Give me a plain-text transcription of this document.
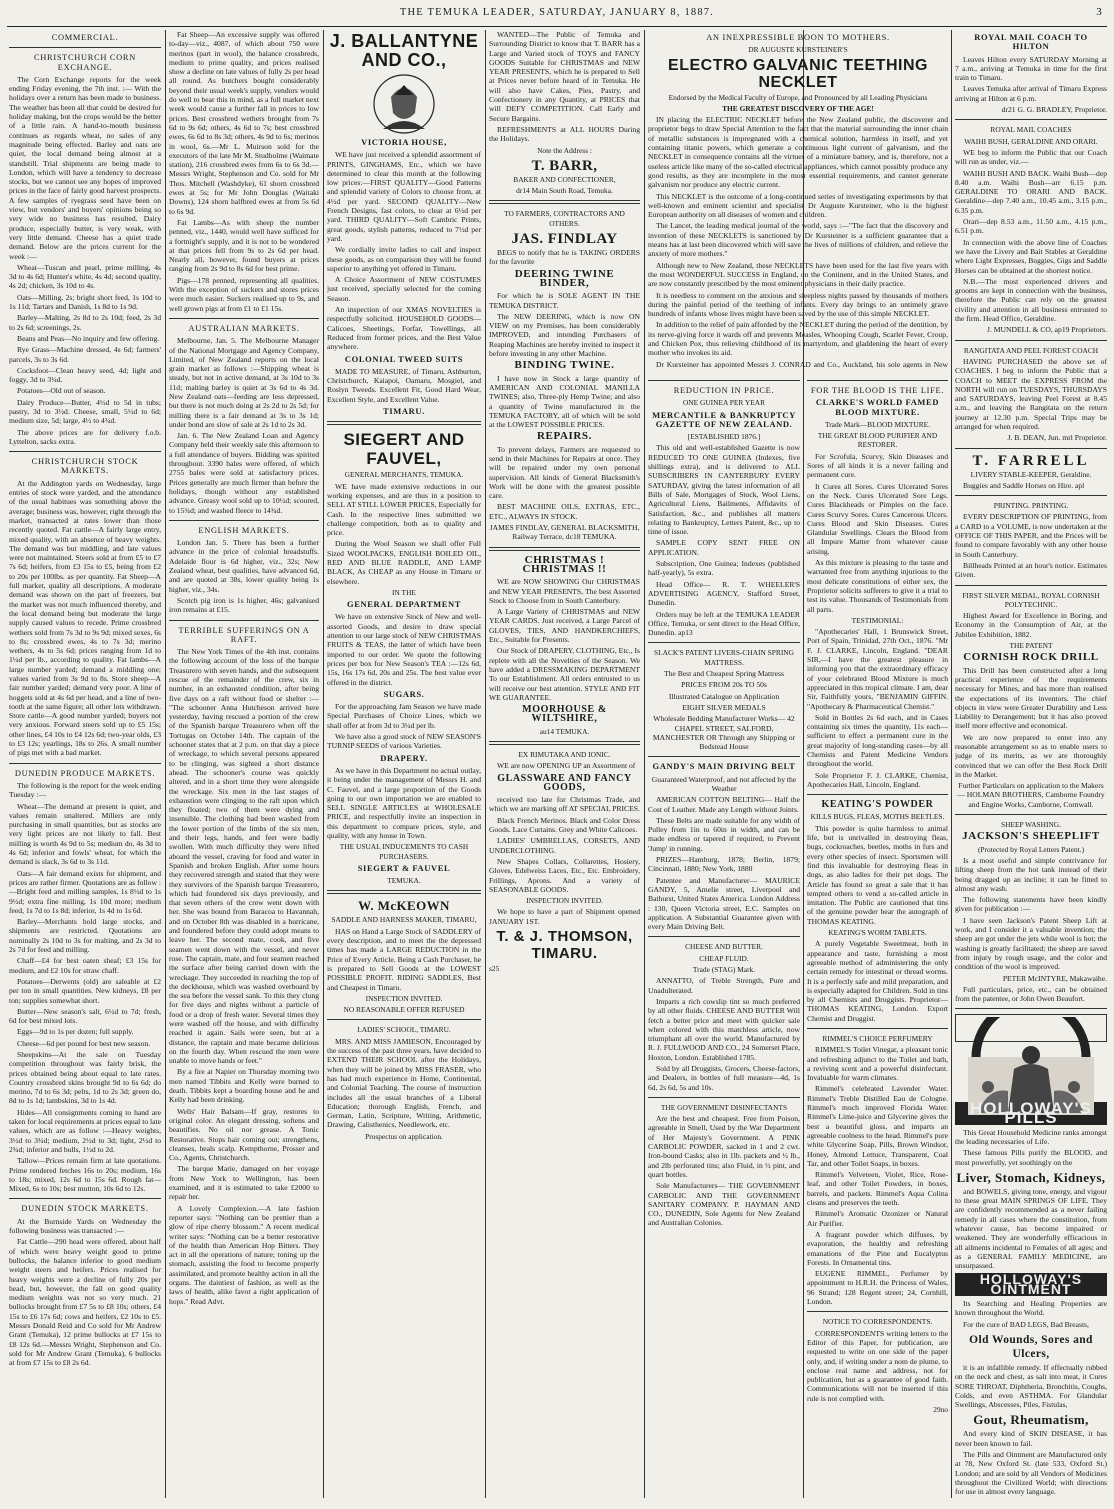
THE TEMUKA LEADER, SATURDAY, JANUARY 8, 1887.	3
COMMERCIAL.
CHRISTCHURCH CORN EXCHANGE.

The Corn Exchange reports for the week ending Friday evening, the 7th inst. :— With the holidays over a return has been made to business. The weather has been all that could be desired for holiday making, but the crops would be the better of a little rain. A hand-to-mouth business continues as regards wheat, no sales of any magnitude being effected. Barley and oats are quiet, the local demand being almost at a standstill. Trial shipments are being made to London, which will have a tendency to decrease stocks, but we cannot see any hopes of improved prices in the face of fairly good harvest prospects. A few samples of ryegrass seed have been on view, but vendors' and buyers' opinions being so very wide no business has resulted. Dairy produce, especially butter, is very weak, with very little demand. Cheese has a quiet trade demand. Below are the prices current for the week :—

Wheat—Tuscan and pearl, prime milling, 4s 3d to 4s 6d; Hunter's white, 4s 4d; second quality, 4s 2d; chicken, 3s 10d to 4s.

Oats—Milling, 2s; bright short feed, 1s 10d to 1s 11d; Tartars and Danish, 1s 8d to 1s 9d.

Barley—Malting, 2s 8d to 2s 10d; feed, 2s 3d to 2s 6d; screenings, 2s.

Beans and Peas—No inquiry and few offering.

Rye Grass—Machine dressed, 4s 6d; farmers' parcels, 3s to 3s 6d.

Cocksfoot—Clean heavy seed, 4d; light and foggy, 3d to 3¼d.

Potatoes—Old out of season.

Dairy Produce—Butter, 4½d to 5d in tubs; pastry, 3d to 3½d. Cheese, small, 5½d to 6d; medium size, 5d; large, 4½ to 4¾d.

The above prices are for delivery f.o.b. Lyttelton, sacks extra.

CHRISTCHURCH STOCK MARKETS.

At the Addington yards on Wednesday, large entries of stock were yarded, and the attendance of the usual habitues was something above the average; business was, however, right through the market, transacted at rates lower than those recently quoted. Fat cattle—A fairly large entry, mixed quality, with an absence of heavy weights. The demand was but middling, and late values were not maintained. Steers sold at from £5 to £7 7s 6d; heifers, from £3 15s to £5, being from £2 to 20s per 100lbs. as per quantity. Fat Sheep—A full market, quality all descriptions. A moderate demand was shown on the part of freezers, but the market was not much influenced thereby, and the local demand being but moderate the large supply caused values to recede. Prime crossbred wethers sold from 7s 3d to 9s 9d; mixed sexes, 6s to 8s; crossbred ewes, 4s to 7s 3d; merino wethers, 4s to 5s 6d; prices ranging from 1d to 1¼d per lb., according to quality. Fat lambs—A large number yarded; demand a middling one; values varied from 3s 9d to 8s. Store sheep—A fair number yarded; demand very poor. A line of hoggets sold at 4s 6d per head, and a line of two-tooth at the same figure; all other lots withdrawn. Store cattle—A good number yarded; buyers not very anxious. Forward steers sold up to £5 15s; other lines, £4 10s to £4 12s 6d; two-year olds, £3 to £3 12s; yearlings, 18s to 26s. A small number of pigs met with a bad market.

DUNEDIN PRODUCE MARKETS.

The following is the report for the week ending Tuesday :—

Wheat—The demand at present is quiet, and values remain unaltered. Millers are only purchasing in small quantities, but as stocks are very light prices are not likely to fall. Best milling is worth 4s 9d to 5s; medium do, 4s 3d to 4s 6d; inferior and fowls' wheat, for which the demand is slack, 3s 6d to 3s 11d.

Oats—A fair demand exists for shipment, and prices are rather firmer. Quotations are as follow :—Bright feed and milling samples, 1s 8½d to 1s 9½d; extra fine milling, 1s 10d more; medium feed, 1s 7d to 1s 8d; inferior, 1s 4d to 1s 6d.

Barley—Merchants hold large stocks, and shipments are restricted. Quotations are nominally 2s 10d to 3s for malting, and 2s 3d to 2s 7d for feed and milling.

Chaff—£4 for best oaten sheaf; £3 15s for medium, and £2 10s for straw chaff.

Potatoes—Derwents (old) are saleable at £2 per ton in small quantities. New kidneys, £8 per ton; supplies somewhat short.

Butter—New season's salt, 6½d to 7d; fresh, 6d for best mixed lots.

Eggs—9d to 1s per dozen; full supply.

Cheese—6d per pound for best new season.

Sheepskins—At the sale on Tuesday competition throughout was fairly brisk, the prices obtained being about equal to late rates. Country crossbred skins brought 9d to 6s 6d; do merino, 7d to 6s 3d; pelts, 1d to 2s 3d; green do, 8d to 1s 1d; lambskins, 3d to 1s 4d.

Hides—All consignments coming to hand are taken for local requirements at prices equal to late values, which are as follow :—Heavy weights, 3½d to 3¾d; medium, 2½d to 3d; light, 2½d to 2¾d; inferior and bulls, 1½d to 2d.

Tallow—Prices remain firm at late quotations. Prime rendered fetches 16s to 20s; medium, 16s to 18s; mixed, 12s 6d to 15s 6d. Rough fat—Mixed, 6s to 10s; best mutton, 10s 6d to 12s.

DUNEDIN STOCK MARKETS.

At the Burnside Yards on Wednesday the following business was transacted :—

Fat Cattle—290 head were offered, about half of which were heavy weight good to prime bullocks, the balance inferior to good medium weight steers and heifers. Prices realised for heavy weights were a decline of fully 20s per head, but, however, the fall on good quality medium weights was not so very much. 21 bullocks brought from £7 5s to £8 10s; others, £4 15s to £6 17s 6d; cows and heifers, £2 10s to £5. Messrs Donald Reid and Co sold for Mr Andrew Grant (Temuka), 12 prime bullocks at £7 15s to £8 12s 6d.—Messrs Wright, Stephenson and Co. sold for Mr Andrew Grant (Temuka), 6 bullocks at from £7 15s to £8 2s 6d.

Fat Sheep—An excessive supply was offered to-day—viz., 4087, of which about 750 were merinos (part in wool), the balance crossbreds, medium to prime quality, and prices realised show a decline on late values of fully 2s per head all round. As butchers bought considerably beyond their usual week's supply, vendors would do well to bear this in mind, as a full market next week would cause a further fall in prices to low prices. Best crossbred wethers brought from 7s 6d to 9s 6d; others, 4s 6d to 7s; best crossbred ewes, 6s 6d to 8s 3d; others, 4s 9d to 6s; merinos in wool, 6s.—Mr L. Muirson sold for the executors of the late Mr M. Studholme (Waimate station), 216 crossbred ewes from 6s to 6s 3d.—Messrs Wright, Stephenson and Co. sold for Mr Thos. Mitchell (Washdyke), 61 shorn crossbred ewes at 5s; for Mr John Douglas (Waitaki Downs), 124 shorn halfbred ewes at from 5s 6d to 6s 9d.

Fat Lambs—As with sheep the number penned, viz., 1440, would well have sufficed for a fortnight's supply, and it is not to be wondered at that prices fell from 9s to 2s 6d per head. Nearly all, however, found buyers at prices ranging from 2s 9d to 8s 6d for best prime.

Pigs—178 penned, representing all qualities. With the exception of suckers and stores prices were much easier. Suckers realised up to 9s, and well grown pigs at from £1 to £1 15s.

AUSTRALIAN MARKETS.

Melbourne, Jan. 5. The Melbourne Manager of the National Mortgage and Agency Company, Limited, of New Zealand reports on the local grain market as follows :—Shipping wheat is steady, but not in active demand, at 3s 10d to 3s 11d; malting barley is quiet at 3s 6d to 4s 3d. New Zealand oats—feeding are less depressed, but there is not much doing at 2s 2d to 2s 5d; for milling there is a fair demand at 3s to 3s 1d; under bond are slow of sale at 2s 1d to 2s 3d.

Jan. 6. The New Zealand Loan and Agency Company held their weekly sale this afternoon to a full attendance of buyers. Bidding was spirited throughout. 3390 bales were offered, of which 2755 bales were sold at satisfactory prices. Prices generally are much firmer than before the holidays, though without any established advance. Greasy wool sold up to 10½d; scoured, to 15¾d; and washed fleece to 14¾d.

ENGLISH MARKETS.

London Jan. 5. There has been a further advance in the price of colonial breadstuffs. Adelaide flour is 6d higher, viz., 32s; New Zealand wheat, best qualities, have advanced 6d, and are quoted at 38s, lower quality being 1s higher, viz., 34s.

Scotch pig iron is 1s higher, 46s; galvanised iron remains at £15.

TERRIBLE SUFFERINGS ON A RAFT.

The New York Times of the 4th inst. contains the following account of the loss of the barque Treasurero with seven hands, and the subsequent rescue of the remainder of the crew, six in number, in an exhausted condition, after being five days on a raft without food or shelter :— "The schooner Anna Hutcheson arrived here yesterday, having rescued a portion of the crew of the Spanish barque Treasurero when off the Tortugas on October 14th. The captain of the schooner states that at 2 p.m. on that day a piece of wreckage, to which several persons appeared to be clinging, was sighted a short distance ahead. The schooner's course was quickly altered, and in a short time they were alongside the wreckage. Six men in the last stages of exhaustion were clinging to the raft upon which they floated; two of them were dying and insensible. The clothing had been washed from the lower portion of the limbs of the six men, and their legs, hands, and feet were badly swollen. With much difficulty they were lifted aboard the vessel, craving for food and water in Spanish and broken English. After some hours they recovered strength and stated that they were they survivors of the Spanish barque Treasurero, which had foundered six days previously, and that seven others of the crew went down with her. She was bound from Baracoa to Havannah, and on October 8th was disabled in a hurricane, and foundered before they could adopt means to leave her. The second mate, cook, and five seamen went down with the vessel, and never rose. The captain, mate, and four seamen reached the surface after being carried down with the wreckage. They succeeded in reaching the top of the deckhouse, which was washed overboard by the sea before the vessel sank. To this they clung for five days and nights without a particle of food or a drop of fresh water. Several times they were washed off the house, and with difficulty reached it again. Sails were seen, but at a distance, the captain and mate became delirious on the fourth day. When rescued the men were unable to move hands or feet."

By a fire at Napier on Thursday morning two men named Tibbits and Kelly were burned to death. Tibbits kept a boarding house and he and Kelly had been drinking.

Wells' Hair Balsam—If gray, restores to original color. An elegant dressing, softens and beautifies. No oil nor grease. A Tonic Restorative. Stops hair coming out; strengthens, cleanses, heals scalp. Kempthorne, Prosser and Co., Agents, Christchurch.

The barque Marie, damaged on her voyage from New York to Wellington, has been examined, and it is estimated to take £2000 to repair her.

A Lovely Complexion.—A late fashion reporter says: "Nothing can be prettier than a glow of ripe cherry blossom." A recent medical writer says: "Nothing can be a better restorative of the health than American Hop Bitters. They act in all the operations of nature; toning up the stomach, assisting the food to become properly assimilated, and promote healthy action in all the organs. The daintiest of fashion, as well as the laws of health, alike favor a right application of hops." Read Advt.

J. BALLANTYNE AND CO.,
VICTORIA HOUSE,

WE have just received a splendid assortment of PRINTS, GINGHAMS, Etc., which we have determined to clear this month at the following low prices:—FIRST QUALITY—Good Patterns and splendid variety of Colors to choose from, at 4½d per yard. SECOND QUALITY—New French Designs, fast colors, to clear at 6½d per yard. THIRD QUALITY—Soft Cambric Prints, great goods, stylish patterns, reduced to 7½d per yard.

We cordially invite ladies to call and inspect these goods, as on comparison they will be found superior to anything yet offered in Timaru.

A Choice Assortment of NEW COSTUMES just received, specially selected for the coming Season.

An inspection of our XMAS NOVELTIES is respectfully solicited. HOUSEHOLD GOODS—Calicoes, Sheetings, Forfar, Towellings, all Reduced from former prices, and the Best Value anywhere.

COLONIAL TWEED SUITS

MADE TO MEASURE, of Timaru, Ashburton, Christchurch, Kaiapoi, Oamaru, Mosgiel, and Roslyn Tweeds. Excellent Fit, Good Hard Wear, Excellent Style, and Excellent Value.

TIMARU.
SIEGERT AND FAUVEL,
GENERAL MERCHANTS, TEMUKA.

WE have made extensive reductions in our working expenses, and are thus in a position to SELL AT STILL LOWER PRICES, Especially for Cash. In the respective lines submitted we challenge competition, both as to quality and price.

During the Wool Season we shall offer Full Sized WOOLPACKS, ENGLISH BOILED OIL, RED AND BLUE RADDLE, AND LAMP BLACK, As CHEAP as any House in Timaru or elsewhere.

IN THE
GENERAL DEPARTMENT

We have on extensive Stock of New and well-assorted Goods, and desire to draw special attention to our large stock of NEW CHRISTMAS FRUITS & TEAS, the latter of which have been imported to our order. We quote the following prices per box for New Season's TEA :—12s 6d, 15s, 16s 17s 6d, 20s and 25s. The best value ever offered in the district.

SUGARS.

For the approaching Jam Season we have made Special Purchases of Choice Lines, which we shall offer at from 3d to 3¼d per lb.

We have also a good stock of NEW SEASON'S TURNIP SEEDS of various Varieties.

DRAPERY.

As we have in this Department no actual outlay, it being under the management of Messrs H. and C. Fauvel, and a large proportion of the Goods going to our own importation we are enabled to SELL SINGLE ARTICLES at WHOLESALE PRICE, and respectfully invite an inspection in this department to compare prices, style, and quality, with any house in Town.

THE USUAL INDUCEMENTS TO CASH PURCHASERS.
SIEGERT & FAUVEL
TEMUKA.
W. McKEOWN
SADDLE AND HARNESS MAKER, TIMARU,

HAS on Hand a Large Stock of SADDLERY of every description, and to meet the the depressed times has made a LARGE REDUCTION in the Price of Every Article. Being a Cash Purchaser, he is prepared to Sell Goods at the LOWEST POSSIBLE PROFIT. RIDING SADDLES, Best and Cheapest in Timaru.

INSPECTION INVITED.
NO REASONABLE OFFER REFUSED
LADIES' SCHOOL, TIMARU.

MRS. AND MISS JAMIESON, Encouraged by the success of the past three years, have decided to EXTEND THEIR SCHOOL after the Holidays, when they will be joined by MISS FRASER, who has had much experience in Home, Continental, and Colonial Teaching. The course of instruction includes all the usual branches of a Liberal Education; thorough English, French, and German, Latin, Scripture, Writing, Arithmetic, Drawing, Calisthenics, Needlework, etc.

Prospectus on application.

WANTED—The Public of Temuka and Surrounding District to know that T. BARR has a Large and Varied stock of TOYS and FANCY GOODS Suitable for CHRISTMAS and NEW YEAR PRESENTS, which he is prepared to Sell at Prices never before heard of in Temuka. He will also have Cakes, Pies, Pastry, and Confectionery in any Quantity, at PRICES that will DEFY COMPETITION. Call Early and Secure Bargains.

REFRESHMENTS at ALL HOURS During the Holidays.

Note the Address :
T. BARR,
BAKER AND CONFECTIONER,
dr14 Main South Road, Temuka.
TO FARMERS, CONTRACTORS AND OTHERS.
JAS. FINDLAY

BEGS to notify that he is TAKING ORDERS for the favorite

DEERING TWINE BINDER,

For which he is SOLE AGENT IN THE TEMUKA DISTRICT.

The NEW DEERING, which is now ON VIEW on my Premises, has been considerably IMPROVED, and intending Purchasers of Reaping Machines are hereby invited to inspect it before investing in any other Machine.

BINDING TWINE.

I have now in Stock a large quantity of AMERICAN AND COLONIAL MANILLA TWINES; also, Three-ply Hemp Twine; and also a quantity of Twine manufactured in the TEMUKA FACTORY, all of which will be sold at the LOWEST POSSIBLE PRICES.

REPAIRS.

To prevent delays, Farmers are requested to send in their Machines for Repairs at once. They will be repaired under my own personal supervision. All kinds of General Blacksmith's Work will be done with the greatest possible care.

BEST MACHINE OILS, EXTRAS, ETC., ETC., ALWAYS IN STOCK.

JAMES FINDLAY, GENERAL BLACKSMITH, Railway Terrace, dc18 TEMUKA.

CHRISTMAS ! CHRISTMAS !!

WE are NOW SHOWING Our CHRISTMAS and NEW YEAR PRESENTS, The best Assorted Stock to Choose from in South Canterbury.

A Large Variety of CHRISTMAS and NEW YEAR CARDS. Just received, a Large Parcel of GLOVES, TIES, AND HANDKERCHIEFS, Etc., Suitable for Presents.

Our Stock of DRAPERY, CLOTHING, Etc., Is replete with all the Novelties of the Season. We have added a DRESSMAKING DEPARTMENT To our Establishment. All orders entrusted to us will receive our best attention. STYLE AND FIT WE GUARANTEE.

MOORHOUSE & WILTSHIRE,
au14 TEMUKA.
EX RIMUTAKA AND IONIC.

WE are now OPENING UP an Assortment of

GLASSWARE AND FANCY GOODS,

received too late for Christmas Trade, and which we are marking off AT SPECIAL PRICES.

Black French Merinos. Black and Color Dress Goods. Lace Curtains. Grey and White Calicoes.

LADIES' UMBRELLAS, CORSETS, AND UNDERCLOTHING.

New Shapes Collars, Collarettes, Hosiery, Gloves, Edelweiss Laces, Etc., Etc. Embroidery, Frillings, Aprons. And a variety of SEASONABLE GOODS.

INSPECTION INVITED.

We hope to have a part of Shipment opened JANUARY 1ST.

T. & J. THOMSON, TIMARU.
s25
AN INEXPRESSIBLE BOON TO MOTHERS.
DR AUGUSTE KURSTEINER'S
ELECTRO GALVANIC TEETHING NECKLET
Endorsed by the Medical Faculty of Europe, and Pronounced by all Leading Physicians
THE GREATEST DISCOVERY OF THE AGE!

IN placing the ELECTRIC NECKLET before the New Zealand public, the discoverer and proprietor begs to draw Special Attention to the fact that the material surrounding the inner chain of metallic substances is impregnated with a chemical solution, harmless in itself, and yet containing titanic powers, which generate a continuous light current of galvanism, and the NECKLET in consequence contains all the virtues of a miniature battery, and is, therefore, not a useless article like many of the so-called electrical appliances, which cannot possibly produce any good results, as they are incomplete in the most essential requirements, and cannot generate galvanism nor produce any electric current.

This NECKLET is the outcome of a long-continued series of investigating experiments by that well-known and eminent scientist and specialist Dr Auguste Kursteiner, who is the highest European authority on all diseases of women and children.

The Lancet, the leading medical journal of the world, says :—"The fact that the discovery and invention of these NECKLETS is sanctioned by Dr Kursteiner is a sufficient guarantee that a means has at last been discovered which will save the lives of millions of children, and relieve the anxiety of more mothers."

Although new to New Zealand, these NECKLETS have been used for the last five years with the most WONDERFUL SUCCESS in England, on the Continent, and in the United States, and are now constantly prescribed by the most eminent physicians in their daily practice.

It is needless to comment on the anxious and sleepless nights passed by thousands of mothers during the painful period of the teething of infants. Every day brings to an untimely grave hundreds of infants whose lives might have been saved by the use of this simple NECKLET.

In addition to the relief of pain afforded by the NECKLET during the period of the dentition, by its nerve-giving force it wards off and prevents Measles, Whooping Cough, Scarlet Fever, Croup, and Chicken Pox, thus relieving childhood of its martyrdom, and gladdening the heart of every mother who invokes its aid.

Dr Kursteiner has appointed Messrs J. CONRAD and Co., Auckland, his sole agents in New

REDUCTION IN PRICE.
ONE GUINEA PER YEAR
MERCANTILE & BANKRUPTCY GAZETTE OF NEW ZEALAND.
[ESTABLISHED 1876.]

This old and well-established Gazette is now REDUCED TO ONE GUINEA (Indexes, five shillings extra), and is delivered to ALL SUBSCRIBERS IN CANTERBURY EVERY SATURDAY, giving the latest information of all Bills of Sale, Mortgages of Stock, Wool Liens, Agricultural Liens, Bailments, Affidavits of Satisfaction, &c., and publishes all matters relating to Bankruptcy, Letters Patent, &c., up to time of issue.

SAMPLE COPY SENT FREE ON APPLICATION.

Subscription, One Guinea; Indexes (published half-yearly), 5s extra.

Head Office— R. T. WHEELER'S ADVERTISING AGENCY, Stafford Street, Dunedin.

Orders may be left at the TEMUKA LEADER Office, Temuka, or sent direct to the Head Office, Dunedin. ap13

SLACK'S PATENT LIVERS-CHAIN SPRING MATTRESS.

The Best and Cheapest Spring Mattress

PRICES FROM 20s TO 50s

Illustrated Catalogue on Application

EIGHT SILVER MEDALS

Wholesale Bedding Manufacturer Works— 42 CHAPEL STREET, SALFORD, MANCHESTER OR Through any Shipping or Bedstead House

GANDY'S MAIN DRIVING BELT

Guaranteed Waterproof, and not affected by the Weather

AMERICAN COTTON BELTING— Half the Cost of Leather. Made any Length without Joints.

These Belts are made suitable for any width of Pulley from 1in to 60in in width, and can be made endless or tapered if required, to Prevent 'Jump' in running.

PRIZES—Hamburg, 1878; Berlin, 1879; Cincinnati, 1880; New York, 1880

Patentee and Manufacturer— MAURICE GANDY, 5, Amelie street, Liverpool and Bathurst, United States America. London Address : 130, Queen Victoria street, E.C. Samples on application. A Substantial Guarantee given with every Main Driving Belt.

CHEESE AND BUTTER.
CHEAP FLUID.
Trade (STAG) Mark.

ANNATTO, of Treble Strength, Pure and Unadulterated.

Imparts a rich cowslip tint so much preferred by all other fluids. CHEESE AND BUTTER Will fetch a better price and meet with quicker sale when colored with this matchless article, now triumphant all over the world. Manufactured by R. J. FULLWOOD AND CO., 24 Somerset Place, Hoxton, London. Established 1785.

Sold by all Druggists, Grocers, Cheese-factors, and Dealers, in bottles of full measure—4d, 1s 6d, 2s 6d, 5s and 10s.

THE GOVERNMENT DISINFECTANTS

Are the best and cheapest. Free from Poison, agreeable in Smell, Used by the War Department of Her Majesty's Government. A PINK CARBOLIC POWDER, sacked in 1 and 2 cwt. Iron-bound Casks; also in 1lb. packets and ½ lb., and 2lb perforated tins; also Fluid, in ½ pint, and quart bottles.

Sole Manufacturers— THE GOVERNMENT CARBOLIC AND THE GOVERNMENT SANITARY COMPANY. P. HAYMAN AND CO., DUNEDIN, Sole Agents for New Zealand and Australian Colonies.

FOR THE BLOOD IS THE LIFE.
CLARKE'S WORLD FAMED BLOOD MIXTURE.
Trade Mark—BLOOD MIXTURE.
THE GREAT BLOOD PURIFIER AND RESTORER.

For Scrofula, Scurvy, Skin Diseases and Sores of all kinds it is a never failing and permanent cure.

It Cures all Sores. Cures Ulcerated Sores on the Neck. Cures Ulcerated Sore Legs. Cures Blackheads or Pimples on the face. Cures Scurvy Sores. Cures Cancerous Ulcers. Cures Blood and Skin Diseases. Cures Glandular Swellings. Clears the Blood from all Impure Matter from whatever cause arising.

As this mixture is pleasing to the taste and warranted free from anything injurious to the most delicate constitutions of either sex, the Proprietor solicits sufferers to give it a trial to test its value. Thousands of Testimonials from all parts.

TESTIMONIAL:

"Apothecaries' Hall, 1 Brunswick Street, Port of Spain, Trinidad, 27th Oct., 1876. "Mr F. J. CLARKE, Lincoln, England. "DEAR SIR,—I have the greatest pleasure in informing you that the extraordinary efficacy of your celebrated Blood Mixture is much appreciated in this tropical climate. I am, dear Sir, Faithfully yours, "BENJAMIN GIFFIN. "Apothecary & Pharmaceutical Chemist."

Sold in Bottles 2s 6d each, and in Cases containing six times the quantity, 11s each—sufficient to effect a permanent cure in the great majority of long-standing cases—by all Chemists and Patent Medicine Vendors throughout the world.

Sole Proprietor F. J. CLARKE, Chemist, Apothecaries Hall, Lincoln, England.

KEATING'S POWDER
KILLS BUGS, FLEAS, MOTHS BEETLES.

This powder is quite harmless to animal life, but is unrivalled in destroying fleas, bugs, cockroaches, beetles, moths in furs and every other species of insect. Sportsmen will find this invaluable for destroying fleas in dogs, as also ladies for their pet dogs. The Article has found so great a sale that it has tempted others to vend a so-called article in imitation. The Public are cautioned that tins of the genuine powder bear the autograph of THOMAS KEATING.

KEATING'S WORM TABLETS.

A purely Vegetable Sweetmeat, both in appearance and taste, furnishing a most agreeable method of administering the only certain remedy for intestinal or thread worms. It is a perfectly safe and mild preparation, and is especially adapted for Children. Sold in tins by all Chemists and Druggists. Proprietor— THOMAS KEATING, London. Export Chemist and Druggist.

RIMMEL'S CHOICE PERFUMERY

RIMMEL'S Toilet Vinegar, a pleasant tonic and refreshing adjunct to the Toilet and bath, a reviving scent and a powerful disinfectant. Invaluable for warm climates.

Rimmel's celebrated Lavender Water. Rimmel's Treble Distilled Eau de Cologne. Rimmel's much improved Florida Water. Rimmel's Lime-juice and Glycerine gives the best a beautiful gloss, and imparts an agreeable coolness to the head. Rimmel's pure white Glycerine Soap, Pills, Brown Windsor, Honey, Almond Lettuce, Transparent, Coal Tar, and other Toilet Soaps, in boxes.

Rimmel's Velveteen, Violet, Rice, Rose-leaf, and other Toilet Powders, in boxes, barrels, and packets. Rimmel's Aqua Colina cleans and preserves the teeth.

Rimmel's Aromatic Ozonizer or Natural Air Purifier.

A fragrant powder which diffuses, by evaporation, the healthy and refreshing emanations of the Pine and Eucalyptus Forests. In Ornamental tins.

EUGENE RIMMEL, Perfumer by appointment to H.R.H. the Princess of Wales, 96 Strand; 128 Regent street; 24, Cornhill, London.

NOTICE TO CORRESPONDENTS.

CORRESPONDENTS writing letters to the Editor of this Paper, for publication, are requested to write on one side of the paper only, and, if writing under a nom de plume, to enclose real name and address, not for publication, but as a guarantee of good faith. Communications will not be inserted if this rule is not complied with.

29no
ROYAL MAIL COACH TO HILTON

Leaves Hilton every SATURDAY Morning at 7 a.m., arriving at Temuka in time for the first train to Timaru.

Leaves Temuka after arrival of Timaru Express arriving at Hilton at 6 p.m.

dr21 G. G. BRADLEY, Proprietor.

ROYAL MAIL COACHES
WAIHI BUSH, GERALDINE AND ORARI.

WE beg to inform the Public that our Coach will run as under, viz.—

WAIHI BUSH AND BACK. Waihi Bush—dep 8.40 a.m. Waihi Bush—arr 6.15 p.m. GERALDINE TO ORARI AND BACK. Geraldine—dep 7.40 a.m., 10.45 a.m., 3.15 p.m., 6.35 p.m.

Orari—dep 8.53 a.m., 11.50 a.m., 4.15 p.m., 6.51 p.m.

In connection with the above line of Coaches we have the Livery and Bait Stables at Geraldine where Light Expresses, Buggies, Gigs and Saddle Horses can be obtained at the shortest notice.

N.B.—The most experienced drivers and grooms are kept in connection with the business, therefore the Public can rely on the greatest civility and attention in all business entrusted to the firm. Head Office, Geraldine.

J. MUNDELL & CO, ap19 Proprietors.

RANGITATA AND PEEL FOREST COACH

HAVING PURCHASED the above set of COACHES, I beg to inform the Public that a COACH to MEET the EXPRESS FROM the NORTH will run on TUESDAYS, THURSDAYS and SATURDAYS, leaving Peel Forest at 8.45 a.m., and leaving the Rangitata on the return journey at 12.30 p.m. Special Trips may be arranged for when required.

J. B. DEAN, Jun. mrl Proprietor.

T. FARRELL
LIVERY STABLE-KEEPER, Geraldine.

Buggies and Saddle Horses on Hire. apl

PRINTING. PRINTING.

EVERY DESCRIPTION OF PRINTING, from a CARD to a VOLUME, is now undertaken at the OFFICE OF THIS PAPER, and the Prices will be found to compare favorably with any other house in South Canterbury.

Billheads Printed at an hour's notice. Estimates Given.

FIRST SILVER MEDAL, ROYAL CORNISH POLYTECHNIC.

Highest Award for Excellence in Boring, and Economy in the Consumption of Air, at the Jubilee Exhibition, 1882.

THE PATENT
CORNISH ROCK DRILL

This Drill has been constructed after a long practical experience of the requirements necessary for Mines, and has more than realised the expectations of its inventors. The chief objects in view were Greater Durability and Less Liability to Derangement; but it has also proved itself more effective and economical.

We are now prepared to enter into any reasonable arrangement so as to enable users to judge of its merits, as we are thoroughly convinced that we can offer the Best Rock Drill in the Market.

Further Particulars on application to the Makers— HOLMAN BROTHERS, Camborne Foundry and Engine Works, Camborne, Cornwall.

SHEEP WASHING.
JACKSON'S SHEEPLIFT
(Protected by Royal Letters Patent.)

Is a most useful and simple contrivance for lifting sheep from the hot tank instead of their being dragged up an incline; it can be fitted to almost any wash.

The following statements have been kindly given for publication :—

I have seen Jackson's Patent Sheep Lift at work, and I consider it a valuable invention; the sheep are got under the jets while wool is hot; the washing is greatly facilitated; the sheep are saved from injury by rough usage, and the color and condition of the wool is improved.

PETER McINTYRE, Makawaihe.

Full particulars, price, etc., can be obtained from the patentee, or John Owen Beaufort.

FRIEND OF ALL
HOLLOWAY'S PILLS

This Great Household Medicine ranks amongst the leading necessaries of Life.

These famous Pills purify the BLOOD, and most powerfully, yet soothingly on the

Liver, Stomach, Kidneys,

and BOWELS, giving tone, energy, and vigour to these great MAIN SPRINGS OF LIFE. They are confidently recommended as a never failing remedy in all cases where the constitution, from whatever cause, has become impaired or weakened. They are wonderfully efficacious in all ailments incidental to Females of all ages; and as a GENERAL FAMILY MEDICINE, are unsurpassed.

HOLLOWAY'S OINTMENT

Its Searching and Healing Properties are known throughout the World.

For the cure of BAD LEGS, Bad Breasts,

Old Wounds, Sores and Ulcers,

it is an infallible remedy. If effectually rubbed on the neck and chest, as salt into meat, it Cures SORE THROAT, Diphtheria, Bronchitis, Coughs, Colds, and even ASTHMA. For Glandular Swellings, Abscesses, Piles, Fistulas,

Gout, Rheumatism,

And every kind of SKIN DISEASE, it has never been known to fail.

The Pills and Ointment are Manufactured only at 78, New Oxford St. (late 533, Oxford St.) London; and are sold by all Vendors of Medicines throughout the Civilized World; with directions for use in almost every language.
